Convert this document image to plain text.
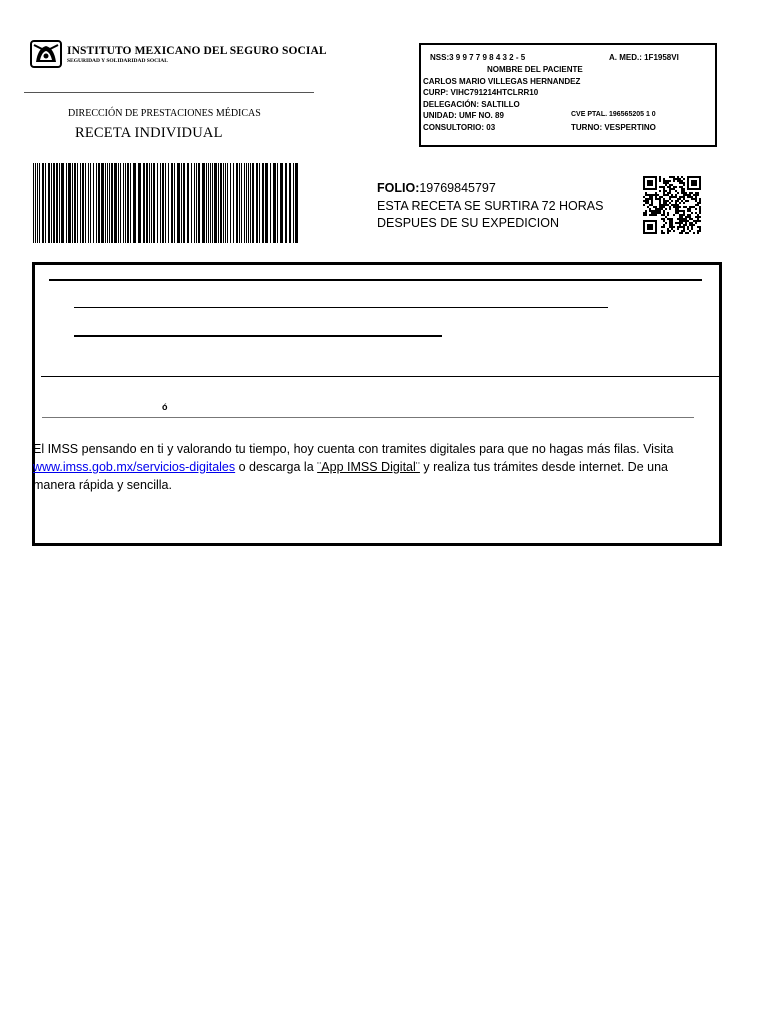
INSTITUTO MEXICANO DEL SEGURO SOCIAL
SEGURIDAD Y SOLIDARIDAD SOCIAL
DIRECCIÓN DE PRESTACIONES MÉDICAS
RECETA INDIVIDUAL
NSS:3 9 9 7 7 9 8 4 3 2 - 5	A. MED.: 1F1958VI
NOMBRE DEL PACIENTE
CARLOS MARIO VILLEGAS HERNANDEZ
CURP: VIHC791214HTCLRR10
DELEGACIÓN: SALTILLO
UNIDAD: UMF NO. 89	CVE PTAL. 196565205 1 0
CONSULTORIO: 03	TURNO: VESPERTINO
FOLIO:19769845797
ESTA RECETA SE SURTIRA 72 HORAS
DESPUES DE SU EXPEDICION
ó
El IMSS pensando en ti y valorando tu tiempo, hoy cuenta con tramites digitales para que no hagas más filas. Visita www.imss.gob.mx/servicios-digitales o descarga la ¨App IMSS Digital¨ y realiza tus trámites desde internet. De una manera rápida y sencilla.
